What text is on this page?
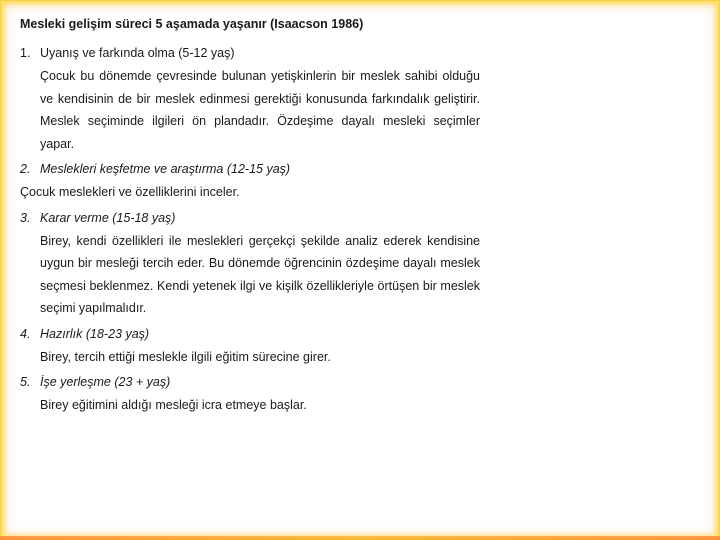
Mesleki gelişim süreci 5 aşamada yaşanır (Isaacson 1986)

1. Uyanış ve farkında olma (5-12 yaş)

Çocuk bu dönemde çevresinde bulunan yetişkinlerin bir meslek sahibi olduğu ve kendisinin de bir meslek edinmesi gerektiği konusunda farkındalık geliştirir. Meslek seçiminde ilgileri ön plandadır. Özdeşime dayalı mesleki seçimler yapar.

2. Meslekleri keşfetme ve araştırma (12-15 yaş)

Çocuk meslekleri ve özelliklerini inceler.

3. Karar verme (15-18 yaş)

Birey, kendi özellikleri ile meslekleri gerçekçi şekilde analiz ederek kendisine uygun bir mesleği tercih eder. Bu dönemde öğrencinin özdeşime dayalı meslek seçmesi beklenmez. Kendi yetenek ilgi ve kişilk özellikleriyle örtüşen bir meslek seçimi yapılmalıdır.

4. Hazırlık (18-23 yaş)

Birey, tercih ettiği meslekle ilgili eğitim sürecine girer.

5. İşe yerleşme (23 + yaş)

Birey eğitimini aldığı mesleği icra etmeye başlar.
